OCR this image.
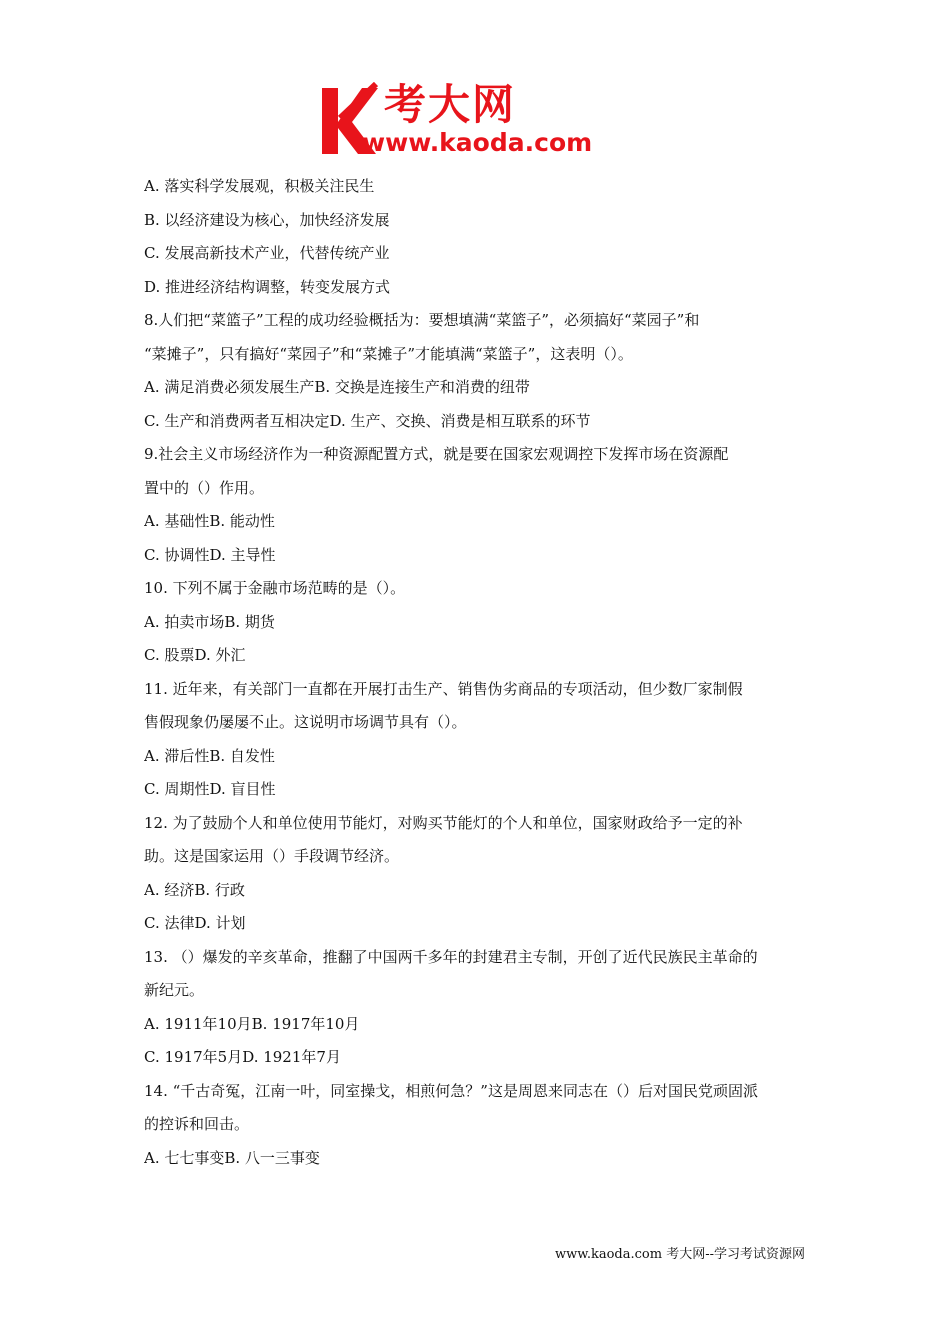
考大网
www.kaoda.com
A. 落实科学发展观，积极关注民生
B. 以经济建设为核心，加快经济发展
C. 发展高新技术产业，代替传统产业
D. 推进经济结构调整，转变发展方式
8.人们把“菜篮子”工程的成功经验概括为：要想填满“菜篮子”，必须搞好“菜园子”和
“菜摊子”，只有搞好“菜园子”和“菜摊子”才能填满“菜篮子”，这表明（）。
A. 满足消费必须发展生产B. 交换是连接生产和消费的纽带
C. 生产和消费两者互相决定D. 生产、交换、消费是相互联系的环节
9.社会主义市场经济作为一种资源配置方式，就是要在国家宏观调控下发挥市场在资源配
置中的（）作用。
A. 基础性B. 能动性
C. 协调性D. 主导性
10. 下列不属于金融市场范畴的是（）。
A. 拍卖市场B. 期货
C. 股票D. 外汇
11. 近年来，有关部门一直都在开展打击生产、销售伪劣商品的专项活动，但少数厂家制假
售假现象仍屡屡不止。这说明市场调节具有（）。
A. 滞后性B. 自发性
C. 周期性D. 盲目性
12. 为了鼓励个人和单位使用节能灯，对购买节能灯的个人和单位，国家财政给予一定的补
助。这是国家运用（）手段调节经济。
A. 经济B. 行政
C. 法律D. 计划
13. （）爆发的辛亥革命，推翻了中国两千多年的封建君主专制，开创了近代民族民主革命的
新纪元。
A. 1911年10月B. 1917年10月
C. 1917年5月D. 1921年7月
14. “千古奇冤，江南一叶，同室操戈，相煎何急？”这是周恩来同志在（）后对国民党顽固派
的控诉和回击。
A. 七七事变B. 八一三事变
www.kaoda.com 考大网--学习考试资源网
